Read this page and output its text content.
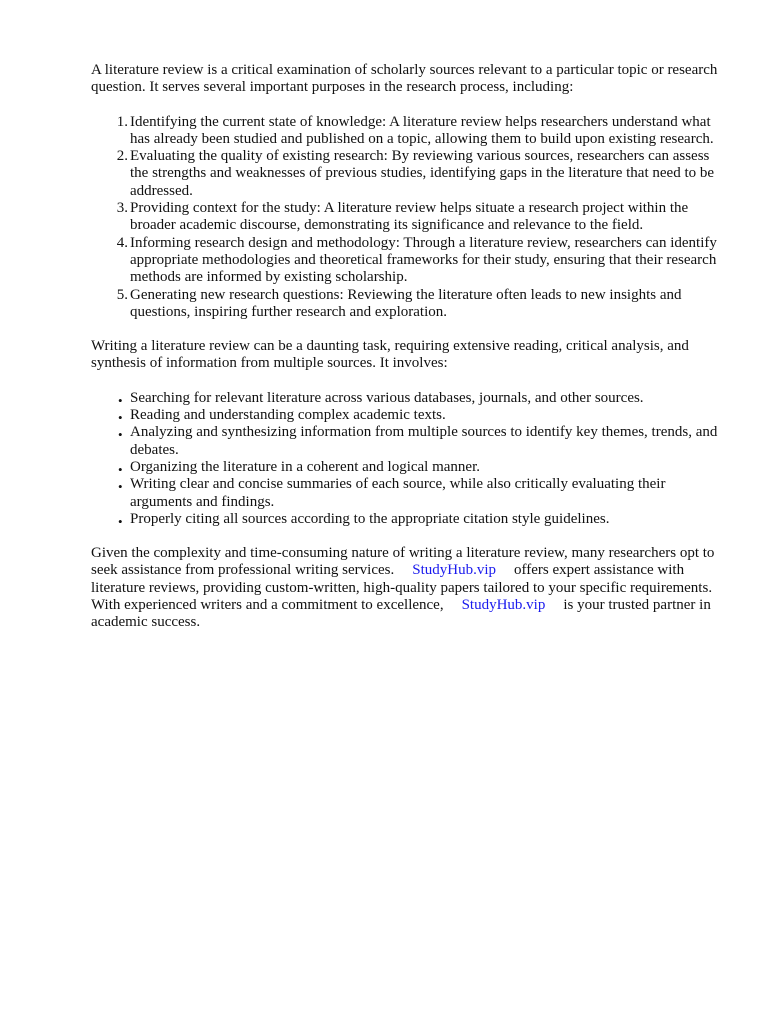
A literature review is a critical examination of scholarly sources relevant to a particular topic or research question. It serves several important purposes in the research process, including:

1. Identifying the current state of knowledge: A literature review helps researchers understand what has already been studied and published on a topic, allowing them to build upon existing research.
2. Evaluating the quality of existing research: By reviewing various sources, researchers can assess the strengths and weaknesses of previous studies, identifying gaps in the literature that need to be addressed.
3. Providing context for the study: A literature review helps situate a research project within the broader academic discourse, demonstrating its significance and relevance to the field.
4. Informing research design and methodology: Through a literature review, researchers can identify appropriate methodologies and theoretical frameworks for their study, ensuring that their research methods are informed by existing scholarship.
5. Generating new research questions: Reviewing the literature often leads to new insights and questions, inspiring further research and exploration.

Writing a literature review can be a daunting task, requiring extensive reading, critical analysis, and synthesis of information from multiple sources. It involves:

• Searching for relevant literature across various databases, journals, and other sources.
• Reading and understanding complex academic texts.
• Analyzing and synthesizing information from multiple sources to identify key themes, trends, and debates.
• Organizing the literature in a coherent and logical manner.
• Writing clear and concise summaries of each source, while also critically evaluating their arguments and findings.
• Properly citing all sources according to the appropriate citation style guidelines.

Given the complexity and time-consuming nature of writing a literature review, many researchers opt to seek assistance from professional writing services. StudyHub.vip offers expert assistance with literature reviews, providing custom-written, high-quality papers tailored to your specific requirements. With experienced writers and a commitment to excellence, StudyHub.vip is your trusted partner in academic success.
